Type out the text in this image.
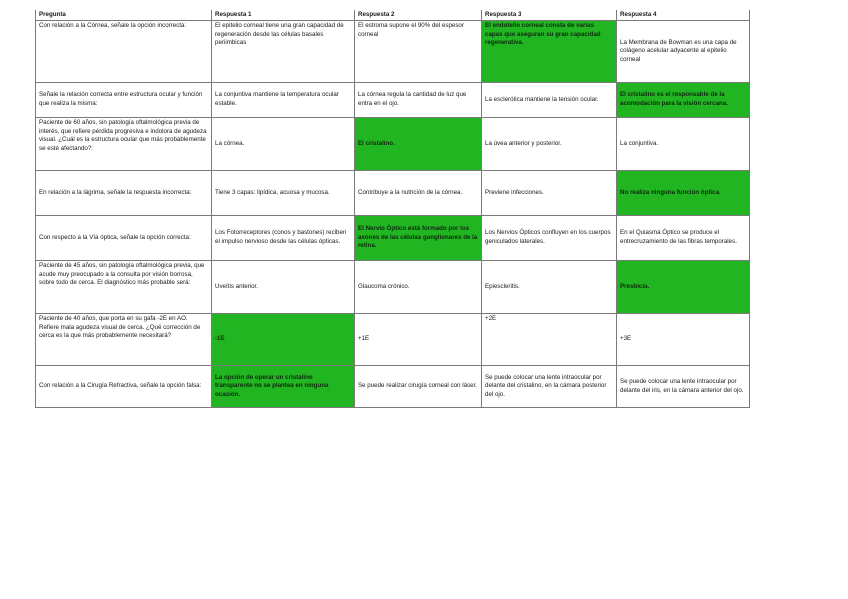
Pregunta	Respuesta 1	Respuesta 2	Respuesta 3	Respuesta 4
Con relación a la Córnea, señale la opción incorrecta:	El epitelio corneal tiene una gran capacidad de regeneración desde las células basales periimbicas	El estroma supone el 90% del espesor corneal	El endotelio corneal consta de varias capas que aseguran su gran capacidad regenerativa.	La Membrana de Bowman es una capa de colágeno acelular adyacente al epitelio corneal
Señale la relación correcta entre estructura ocular y función que realiza la misma:	La conjuntiva mantiene la temperatura ocular estable.	La córnea regula la cantidad de luz que entra en el ojo.	La esclerótica mantiene la tensión ocular.	El cristalino es el responsable de la acomodación para la visión cercana.
Paciente de 60 años, sin patología oftalmológica previa de interés, que refiere pérdida progresiva e indolora de agudeza visual. ¿Cuál es la estructura ocular que más probablemente se esté afectando?:	La córnea.	El cristalino.	La úvea anterior y posterior.	La conjuntiva.
En relación a la lágrima, señale la respuesta incorrecta:	Tiene 3 capas: lipídica, acuosa y mucosa.	Contribuye a la nutrición de la córnea.	Previene infecciones.	No realiza ninguna función óptica.
Con respecto a la Vía óptica, señale la opción correcta:	Los Fotorreceptores (conos y bastones) reciben el impulso nervioso desde las células ópticas.	El Nervio Óptico está formado por los axones de las células ganglionares de la retina.	Los Nervios Ópticos confluyen en los cuerpos geniculados laterales.	En el Quiasma Óptico se produce el entrecruzamiento de las fibras temporales.
Paciente de 45 años, sin patología oftalmológica previa, que acude muy preocupado a la consulta por visión borrosa, sobre todo de cerca. El diagnóstico más probable será:	Uveítis anterior.	Glaucoma crónico.	Epiescleritis.	Presbicia.
Paciente de 40 años, que porta en su gafa -2E en AO. Refiere mala agudeza visual de cerca. ¿Qué corrección de cerca es la que más probablemente necesitará?	-1E	+1E	+2E	+3E
Con relación a la Cirugía Refractiva, señale la opción falsa:	La opción de operar un cristalino transparente no se plantea en ninguna ocasión.	Se puede realizar cirugía corneal con láser.	Se puede colocar una lente intraocular por delante del cristalino, en la cámara posterior del ojo.	Se puede colocar una lente intraocular por delante del iris, en la cámara anterior del ojo.
